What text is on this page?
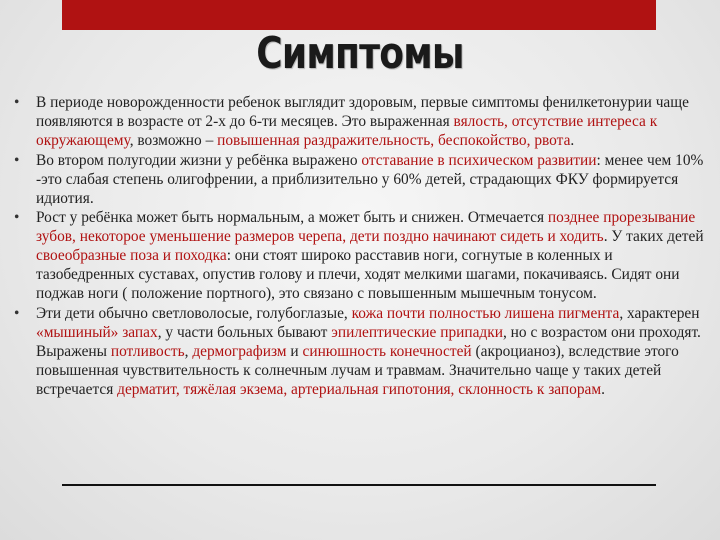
Симптомы
•	В периоде новорожденности ребенок выглядит здоровым, первые симптомы фенилкетонурии чаще появляются в возрасте от 2-х до 6-ти месяцев. Это выраженная вялость, отсутствие интереса к окружающему, возможно – повышенная раздражительность, беспокойство, рвота.
•	Во втором полугодии жизни у ребёнка выражено отставание в психическом развитии: менее чем 10% -это слабая степень олигофрении, а приблизительно у 60% детей, страдающих ФКУ формируется идиотия.
•	Рост у ребёнка может быть нормальным, а может быть и снижен. Отмечается позднее прорезывание зубов, некоторое уменьшение размеров черепа, дети поздно начинают сидеть и ходить. У таких детей своеобразные поза и походка: они стоят широко расставив ноги, согнутые в коленных и тазобедренных суставах, опустив голову и плечи, ходят мелкими шагами, покачиваясь. Сидят они поджав ноги ( положение портного), это связано с повышенным мышечным тонусом.
•	Эти дети обычно светловолосые, голубоглазые, кожа почти полностью лишена пигмента, характерен «мышиный» запах, у части больных бывают эпилептические припадки, но с возрастом они проходят. Выражены потливость, дермографизм и синюшность конечностей (акроцианоз), вследствие этого повышенная чувствительность к солнечным лучам и травмам. Значительно чаще у таких детей встречается дерматит, тяжёлая экзема, артериальная гипотония, склонность к запорам.
